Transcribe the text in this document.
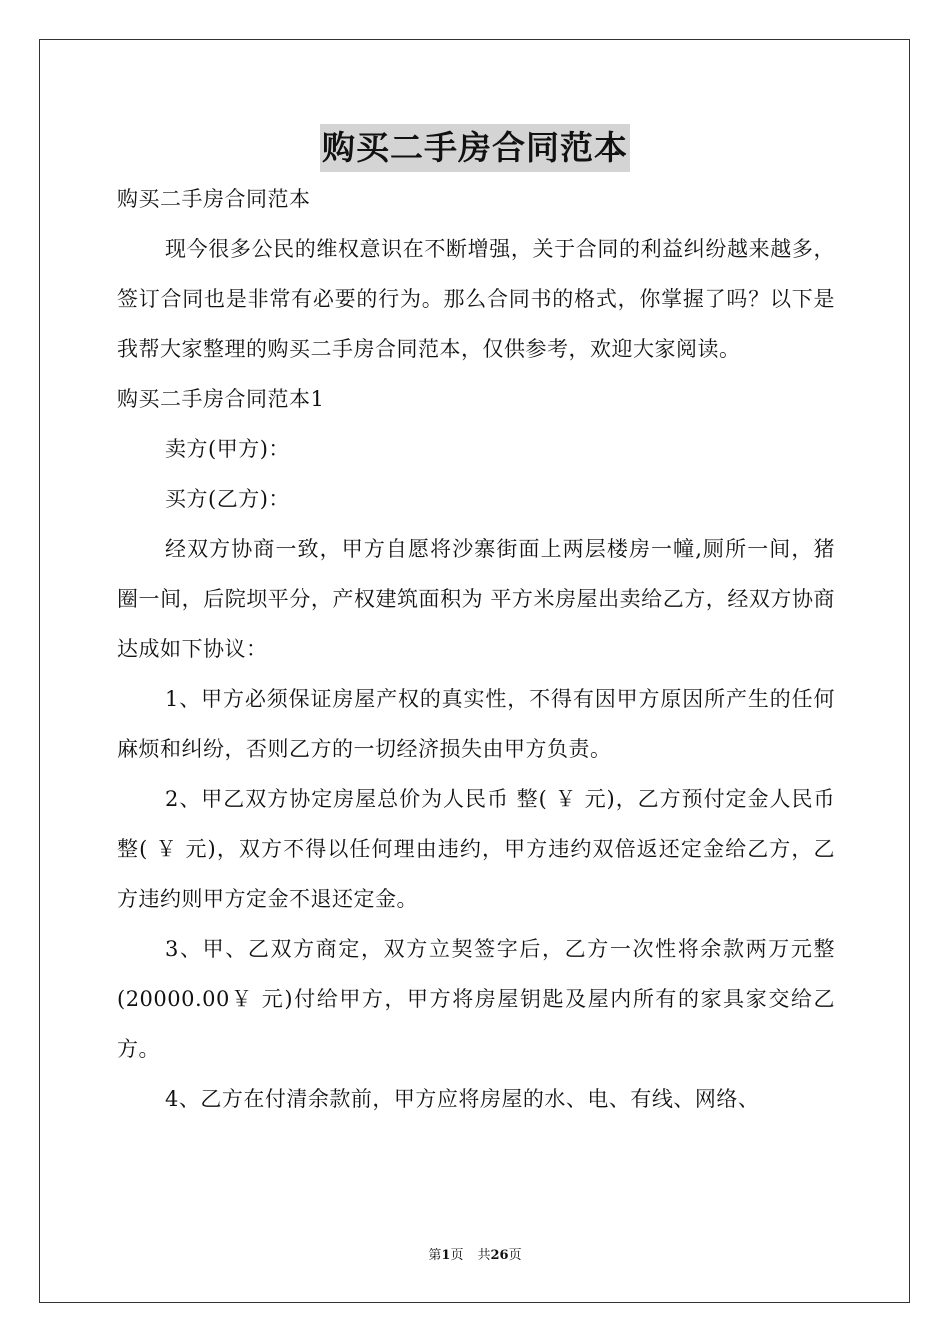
购买二手房合同范本

购买二手房合同范本

现今很多公民的维权意识在不断增强，关于合同的利益纠纷越来越多，签订合同也是非常有必要的行为。那么合同书的格式，你掌握了吗？以下是我帮大家整理的购买二手房合同范本，仅供参考，欢迎大家阅读。

购买二手房合同范本1

卖方(甲方)：

买方(乙方)：

经双方协商一致，甲方自愿将沙寨街面上两层楼房一幢,厕所一间，猪圈一间，后院坝平分，产权建筑面积为 平方米房屋出卖给乙方，经双方协商达成如下协议：

1、甲方必须保证房屋产权的真实性，不得有因甲方原因所产生的任何麻烦和纠纷，否则乙方的一切经济损失由甲方负责。

2、甲乙双方协定房屋总价为人民币 整( ￥ 元)，乙方预付定金人民币 整( ￥ 元)，双方不得以任何理由违约，甲方违约双倍返还定金给乙方，乙方违约则甲方定金不退还定金。

3、甲、乙双方商定，双方立契签字后，乙方一次性将余款两万元整(20000.00￥ 元)付给甲方，甲方将房屋钥匙及屋内所有的家具家交给乙方。

4、乙方在付清余款前，甲方应将房屋的水、电、有线、网络、

第1页 共26页
